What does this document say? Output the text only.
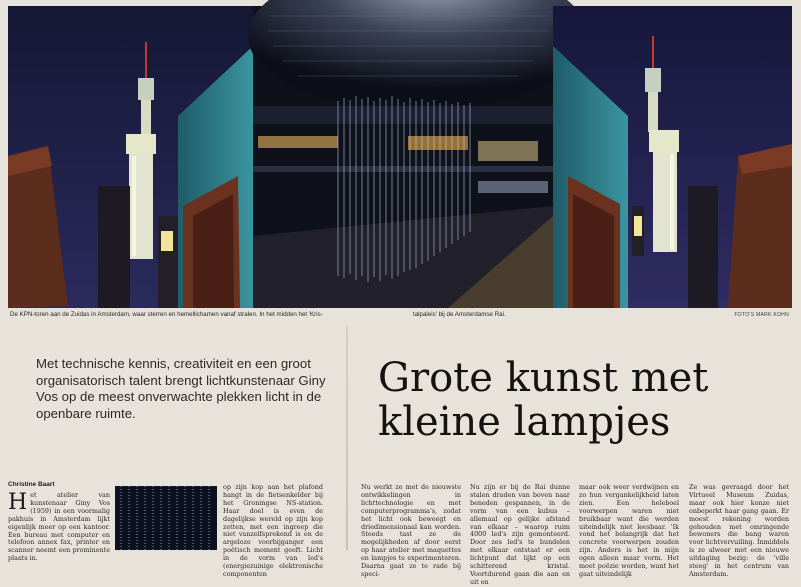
De KPN-toren aan de Zuidas in Amsterdam, waar sterren en hemellichamen vanaf stralen. In het midden het 'Kris-	talpaleis' bij de Amsterdamse Rai.	FOTO'S MARK KOHN
Met technische kennis, creativiteit en een groot organisatorisch talent brengt lichtkunstenaar Giny Vos op de meest onverwachte plekken licht in de openbare ruimte.
Grote kunst met kleine lampjes
Christine Baart
Het atelier van kunstenaar Giny Vos (1959) in een voormalig pakhuis in Amsterdam lijkt eigenlijk meer op een kantoor. Een bureau met computer en telefoon annex fax, printer en scanner neemt een prominente plaats in.
op zijn kop aan het plafond hangt in de fietsenkelder bij het Groningse NS-station. Haar doel is even de dagelijkse wereld op zijn kop zetten, met een ingreep die niet vanzelfsprekend is en de argeloze voorbijganger een poëtisch moment geeft. Licht in de vorm van led's (energiezuinige elektronische componenten
Nu werkt ze met de nieuwste ontwikkelingen in lichttechnologie en met computerprogramma's, zodat het licht ook beweegt en driedimensionaal kan worden. Steeds tast ze de mogelijkheden af door eerst op haar atelier met maquettes en lampjes te experimenteren. Daarna gaat ze te rade bij speci-
Nu zijn er bij de Rai dunne stalen draden van boven naar beneden gespannen, in de vorm van een kubus – allemaal op gelijke afstand van elkaar – waarop ruim 4000 led's zijn gemonteerd. Door zes led's te bundelen met elkaar ontstaat er een lichtpunt dat lijkt op een schitterend kristal. Voortdurend gaan die aan en uit en
maar ook weer verdwijnen en zo hun vergankelijkheid laten zien. Een heleboel voorwerpen waren niet bruikbaar want die werden uiteindelijk niet leesbaar. 'Ik vond het belangrijk dat het concrete voorwerpen zouden zijn. Anders is het in mijn ogen alleen maar vorm. Het moet poëzie worden, want het gaat uiteindelijk
Ze was gevraagd door het Virtueel Museum Zuidas, maar ook hier konze niet onbeperkt haar gang gaan. Er moest rekening worden gehouden met omringende bewoners die bang waren voor lichtvervuiling. Inmiddels is ze alweer met een nieuwe uitdaging bezig: de 'ville steeg' in het centrum van Amsterdam.
